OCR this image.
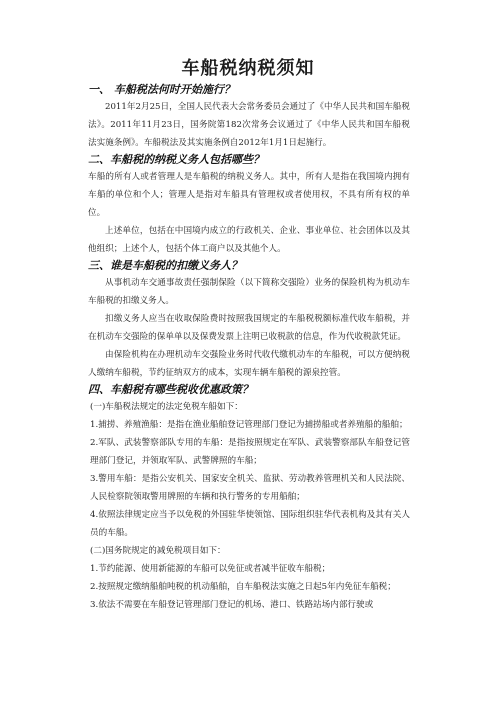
车船税纳税须知
一、 车船税法何时开始施行？

2011年2月25日，全国人民代表大会常务委员会通过了《中华人民共和国车船税法》。2011年11月23日，国务院第182次常务会议通过了《中华人民共和国车船税法实施条例》。车船税法及其实施条例自2012年1月1日起施行。

二、车船税的纳税义务人包括哪些？

车船的所有人或者管理人是车船税的纳税义务人。其中，所有人是指在我国境内拥有车船的单位和个人；管理人是指对车船具有管理权或者使用权，不具有所有权的单位。

上述单位，包括在中国境内成立的行政机关、企业、事业单位、社会团体以及其他组织；上述个人，包括个体工商户以及其他个人。

三、谁是车船税的扣缴义务人？

从事机动车交通事故责任强制保险（以下简称交强险）业务的保险机构为机动车车船税的扣缴义务人。

扣缴义务人应当在收取保险费时按照我国规定的车船税税额标准代收车船税，并在机动车交强险的保单单以及保费发票上注明已收税款的信息，作为代收税款凭证。

由保险机构在办理机动车交强险业务时代收代缴机动车的车船税，可以方便纳税人缴纳车船税，节约征纳双方的成本，实现车辆车船税的源泉控管。

四、车船税有哪些税收优惠政策？

(一)车船税法规定的法定免税车船如下：

1.捕捞、养殖渔船：是指在渔业船舶登记管理部门登记为捕捞船或者养殖船的船舶；

2.军队、武装警察部队专用的车船：是指按照规定在军队、武装警察部队车船登记管理部门登记，并领取军队、武警牌照的车船；

3.警用车船：是指公安机关、国家安全机关、监狱、劳动教养管理机关和人民法院、人民检察院领取警用牌照的车辆和执行警务的专用船舶；

4.依照法律规定应当予以免税的外国驻华使领馆、国际组织驻华代表机构及其有关人员的车船。

(二)国务院规定的减免税项目如下：

1.节约能源、使用新能源的车船可以免征或者减半征收车船税；

2.按照规定缴纳船舶吨税的机动船舶，自车船税法实施之日起5年内免征车船税；

3.依法不需要在车船登记管理部门登记的机场、港口、铁路站场内部行驶或
